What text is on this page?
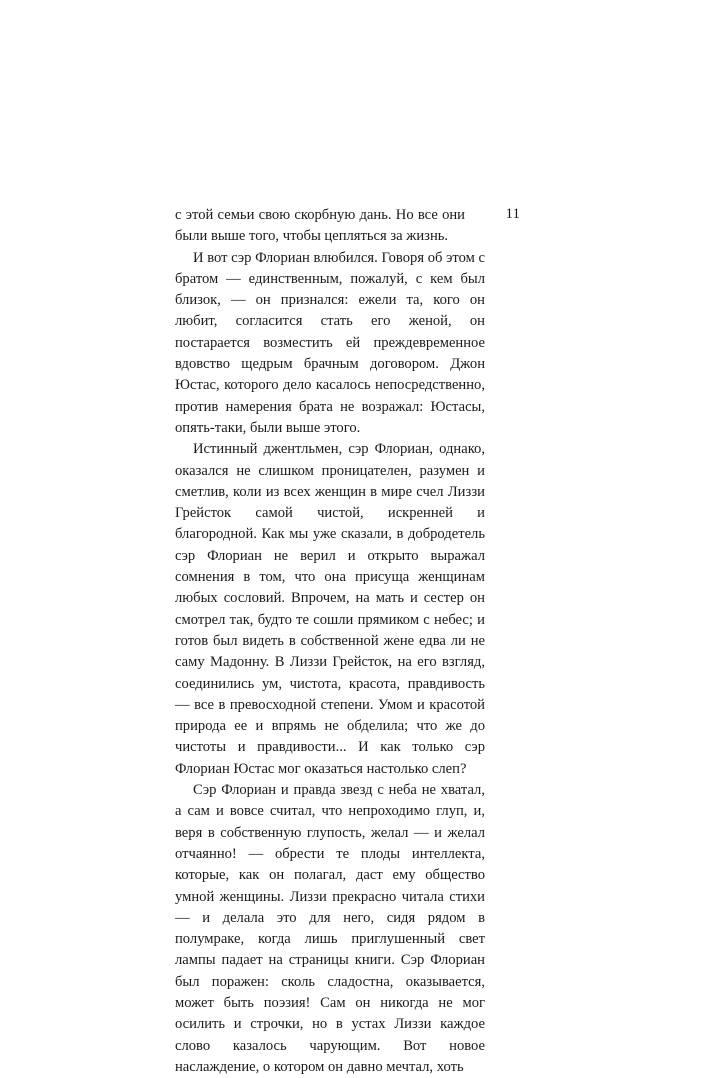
11

с этой семьи свою скорбную дань. Но все они были выше того, чтобы цепляться за жизнь.

И вот сэр Флориан влюбился. Говоря об этом с братом — единственным, пожалуй, с кем был близок, — он признался: ежели та, кого он любит, согласится стать его женой, он постарается возместить ей преждевременное вдовство щедрым брачным договором. Джон Юстас, которого дело касалось непосредственно, против намерения брата не возражал: Юстасы, опять-таки, были выше этого.

Истинный джентльмен, сэр Флориан, однако, оказался не слишком проницателен, разумен и сметлив, коли из всех женщин в мире счел Лиззи Грейсток самой чистой, искренней и благородной. Как мы уже сказали, в добродетель сэр Флориан не верил и открыто выражал сомнения в том, что она присуща женщинам любых сословий. Впрочем, на мать и сестер он смотрел так, будто те сошли прямиком с небес; и готов был видеть в собственной жене едва ли не саму Мадонну. В Лиззи Грейсток, на его взгляд, соединились ум, чистота, красота, правдивость — все в превосходной степени. Умом и красотой природа ее и впрямь не обделила; что же до чистоты и правдивости... И как только сэр Флориан Юстас мог оказаться настолько слеп?

Сэр Флориан и правда звезд с неба не хватал, а сам и вовсе считал, что непроходимо глуп, и, веря в собственную глупость, желал — и желал отчаянно! — обрести те плоды интеллекта, которые, как он полагал, даст ему общество умной женщины. Лиззи прекрасно читала стихи — и делала это для него, сидя рядом в полумраке, когда лишь приглушенный свет лампы падает на страницы книги. Сэр Флориан был поражен: сколь сладостна, оказывается, может быть поэзия! Сам он никогда не мог осилить и строчки, но в устах Лиззи каждое слово казалось чарующим. Вот новое наслаждение, о котором он давно мечтал, хоть
